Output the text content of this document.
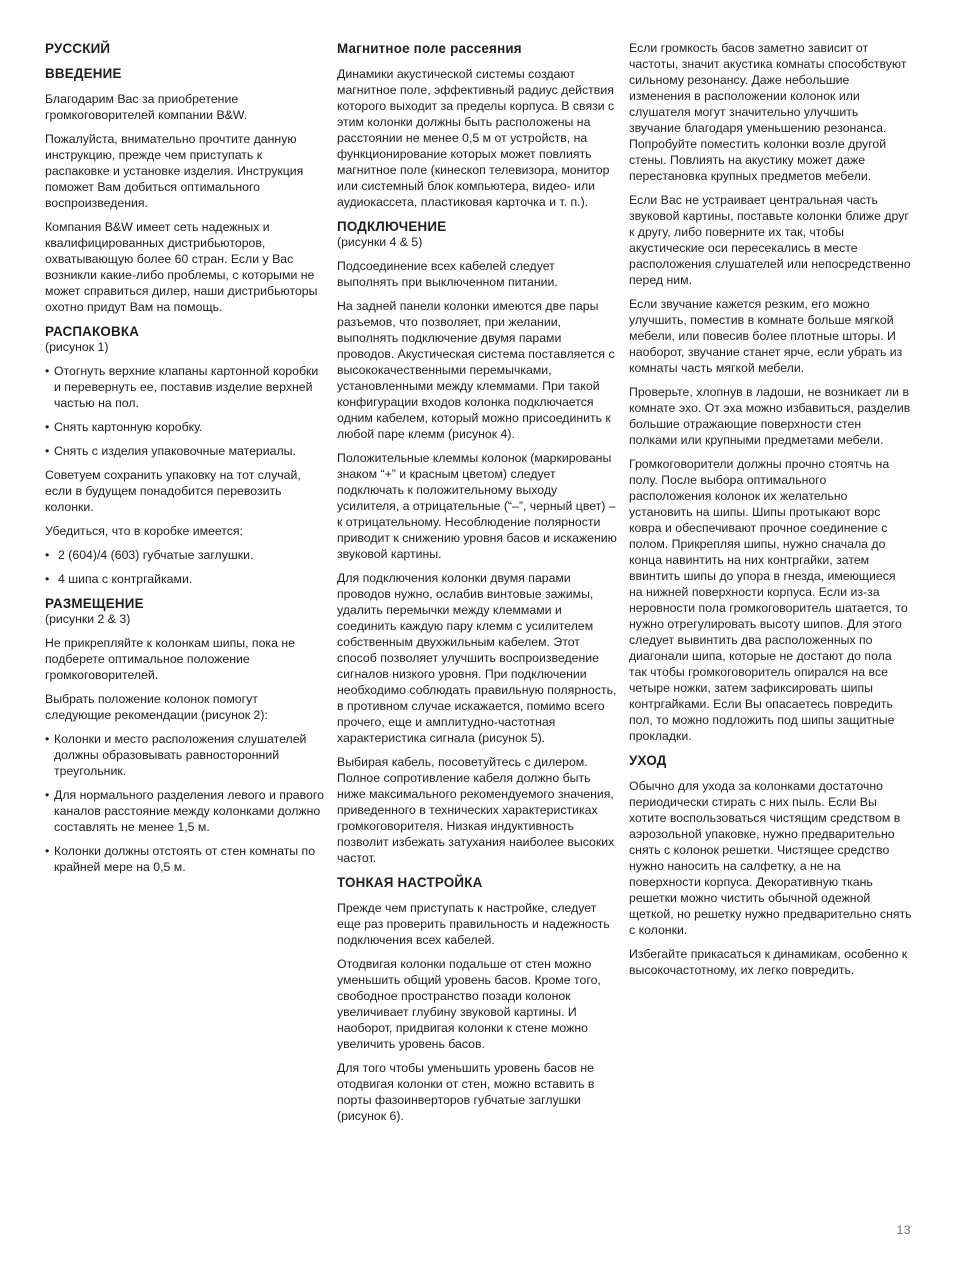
РУССКИЙ
ВВЕДЕНИЕ

Благодарим Вас за приобретение громкоговорителей компании B&W.

Пожалуйста, внимательно прочтите данную инструкцию, прежде чем приступать к распаковке и установке изделия. Инструкция поможет Вам добиться оптимального воспроизведения.

Компания B&W имеет сеть надежных и квалифицированных дистрибьюторов, охватывающую более 60 стран. Если у Вас возникли какие-либо проблемы, с которыми не может справиться дилер, наши дистрибьюторы охотно придут Вам на помощь.

РАСПАКОВКА

(рисунок 1)

• Отогнуть верхние клапаны картонной коробки и перевернуть ее, поставив изделие верхней частью на пол.
• Снять картонную коробку.
• Снять с изделия упаковочные материалы.

Советуем сохранить упаковку на тот случай, если в будущем понадобится перевозить колонки.

Убедиться, что в коробке имеется:

• 2 (604)/4 (603) губчатые заглушки.
• 4 шипа с контргайками.
РАЗМЕЩЕНИЕ

(рисунки 2 & 3)

Не прикрепляйте к колонкам шипы, пока не подберете оптимальное положение громкоговорителей.

Выбрать положение колонок помогут следующие рекомендации (рисунок 2):

• Колонки и место расположения слушателей должны образовывать равносторонний треугольник.
• Для нормального разделения левого и правого каналов расстояние между колонками должно составлять не менее 1,5 м.
• Колонки должны отстоять от стен комнаты по крайней мере на 0,5 м.
Магнитное поле рассеяния

Динамики акустической системы создают магнитное поле, эффективный радиус действия которого выходит за пределы корпуса. В связи с этим колонки должны быть расположены на расстоянии не менее 0,5 м от устройств, на функционирование которых может повлиять магнитное поле (кинескоп телевизора, монитор или системный блок компьютера, видео- или аудиокассета, пластиковая карточка и т. п.).

ПОДКЛЮЧЕНИЕ

(рисунки 4 & 5)

Подсоединение всех кабелей следует выполнять при выключенном питании.

На задней панели колонки имеются две пары разъемов, что позволяет, при желании, выполнять подключение двумя парами проводов. Акустическая система поставляется с высококачественными перемычками, установленными между клеммами. При такой конфигурации входов колонка подключается одним кабелем, который можно присоединить к любой паре клемм (рисунок 4).

Положительные клеммы колонок (маркированы знаком “+” и красным цветом) следует подключать к положительному выходу усилителя, а отрицательные (“–”, черный цвет) – к отрицательному. Несоблюдение полярности приводит к снижению уровня басов и искажению звуковой картины.

Для подключения колонки двумя парами проводов нужно, ослабив винтовые зажимы, удалить перемычки между клеммами и соединить каждую пару клемм с усилителем собственным двухжильным кабелем. Этот способ позволяет улучшить воспроизведение сигналов низкого уровня. При подключении необходимо соблюдать правильную полярность, в противном случае искажается, помимо всего прочего, еще и амплитудно-частотная характеристика сигнала (рисунок 5).

Выбирая кабель, посоветуйтесь с дилером. Полное сопротивление кабеля должно быть ниже максимального рекомендуемого значения, приведенного в технических характеристиках громкоговорителя. Низкая индуктивность позволит избежать затухания наиболее высоких частот.

ТОНКАЯ НАСТРОЙКА

Прежде чем приступать к настройке, следует еще раз проверить правильность и надежность подключения всех кабелей.

Отодвигая колонки подальше от стен можно уменьшить общий уровень басов. Кроме того, свободное пространство позади колонок увеличивает глубину звуковой картины. И наоборот, придвигая колонки к стене можно увеличить уровень басов.

Для того чтобы уменьшить уровень басов не отодвигая колонки от стен, можно вставить в порты фазоинверторов губчатые заглушки (рисунок 6).

Если громкость басов заметно зависит от частоты, значит акустика комнаты способствуют сильному резонансу. Даже небольшие изменения в расположении колонок или слушателя могут значительно улучшить звучание благодаря уменьшению резонанса. Попробуйте поместить колонки возле другой стены. Повлиять на акустику может даже перестановка крупных предметов мебели.

Если Вас не устраивает центральная часть звуковой картины, поставьте колонки ближе друг к другу, либо поверните их так, чтобы акустические оси пересекались в месте расположения слушателей или непосредственно перед ним.

Если звучание кажется резким, его можно улучшить, поместив в комнате больше мягкой мебели, или повесив более плотные шторы. И наоборот, звучание станет ярче, если убрать из комнаты часть мягкой мебели.

Проверьте, хлопнув в ладоши, не возникает ли в комнате эхо. От эха можно избавиться, разделив большие отражающие поверхности стен полками или крупными предметами мебели.

Громкоговорители должны прочно стоятчь на полу. После выбора оптимального расположения колонок их желательно установить на шипы. Шипы протыкают ворс ковра и обеспечивают прочное соединение с полом. Прикрепляя шипы, нужно сначала до конца навинтить на них контргайки, затем ввинтить шипы до упора в гнезда, имеющиеся на нижней поверхности корпуса. Если из-за неровности пола громкоговоритель шатается, то нужно отрегулировать высоту шипов. Для этого следует вывинтить два расположенных по диагонали шипа, которые не достают до пола так чтобы громкоговоритель опирался на все четыре ножки, затем зафиксировать шипы контргайками. Если Вы опасаетесь повредить пол, то можно подложить под шипы защитные прокладки.

УХОД

Обычно для ухода за колонками достаточно периодически стирать с них пыль. Если Вы хотите воспользоваться чистящим средством в аэрозольной упаковке, нужно предварительно снять с колонок решетки. Чистящее средство нужно наносить на салфетку, а не на поверхности корпуса. Декоративную ткань решетки можно чистить обычной одежной щеткой, но решетку нужно предварительно снять с колонки.

Избегайте прикасаться к динамикам, особенно к высокочастотному, их легко повредить.

13
